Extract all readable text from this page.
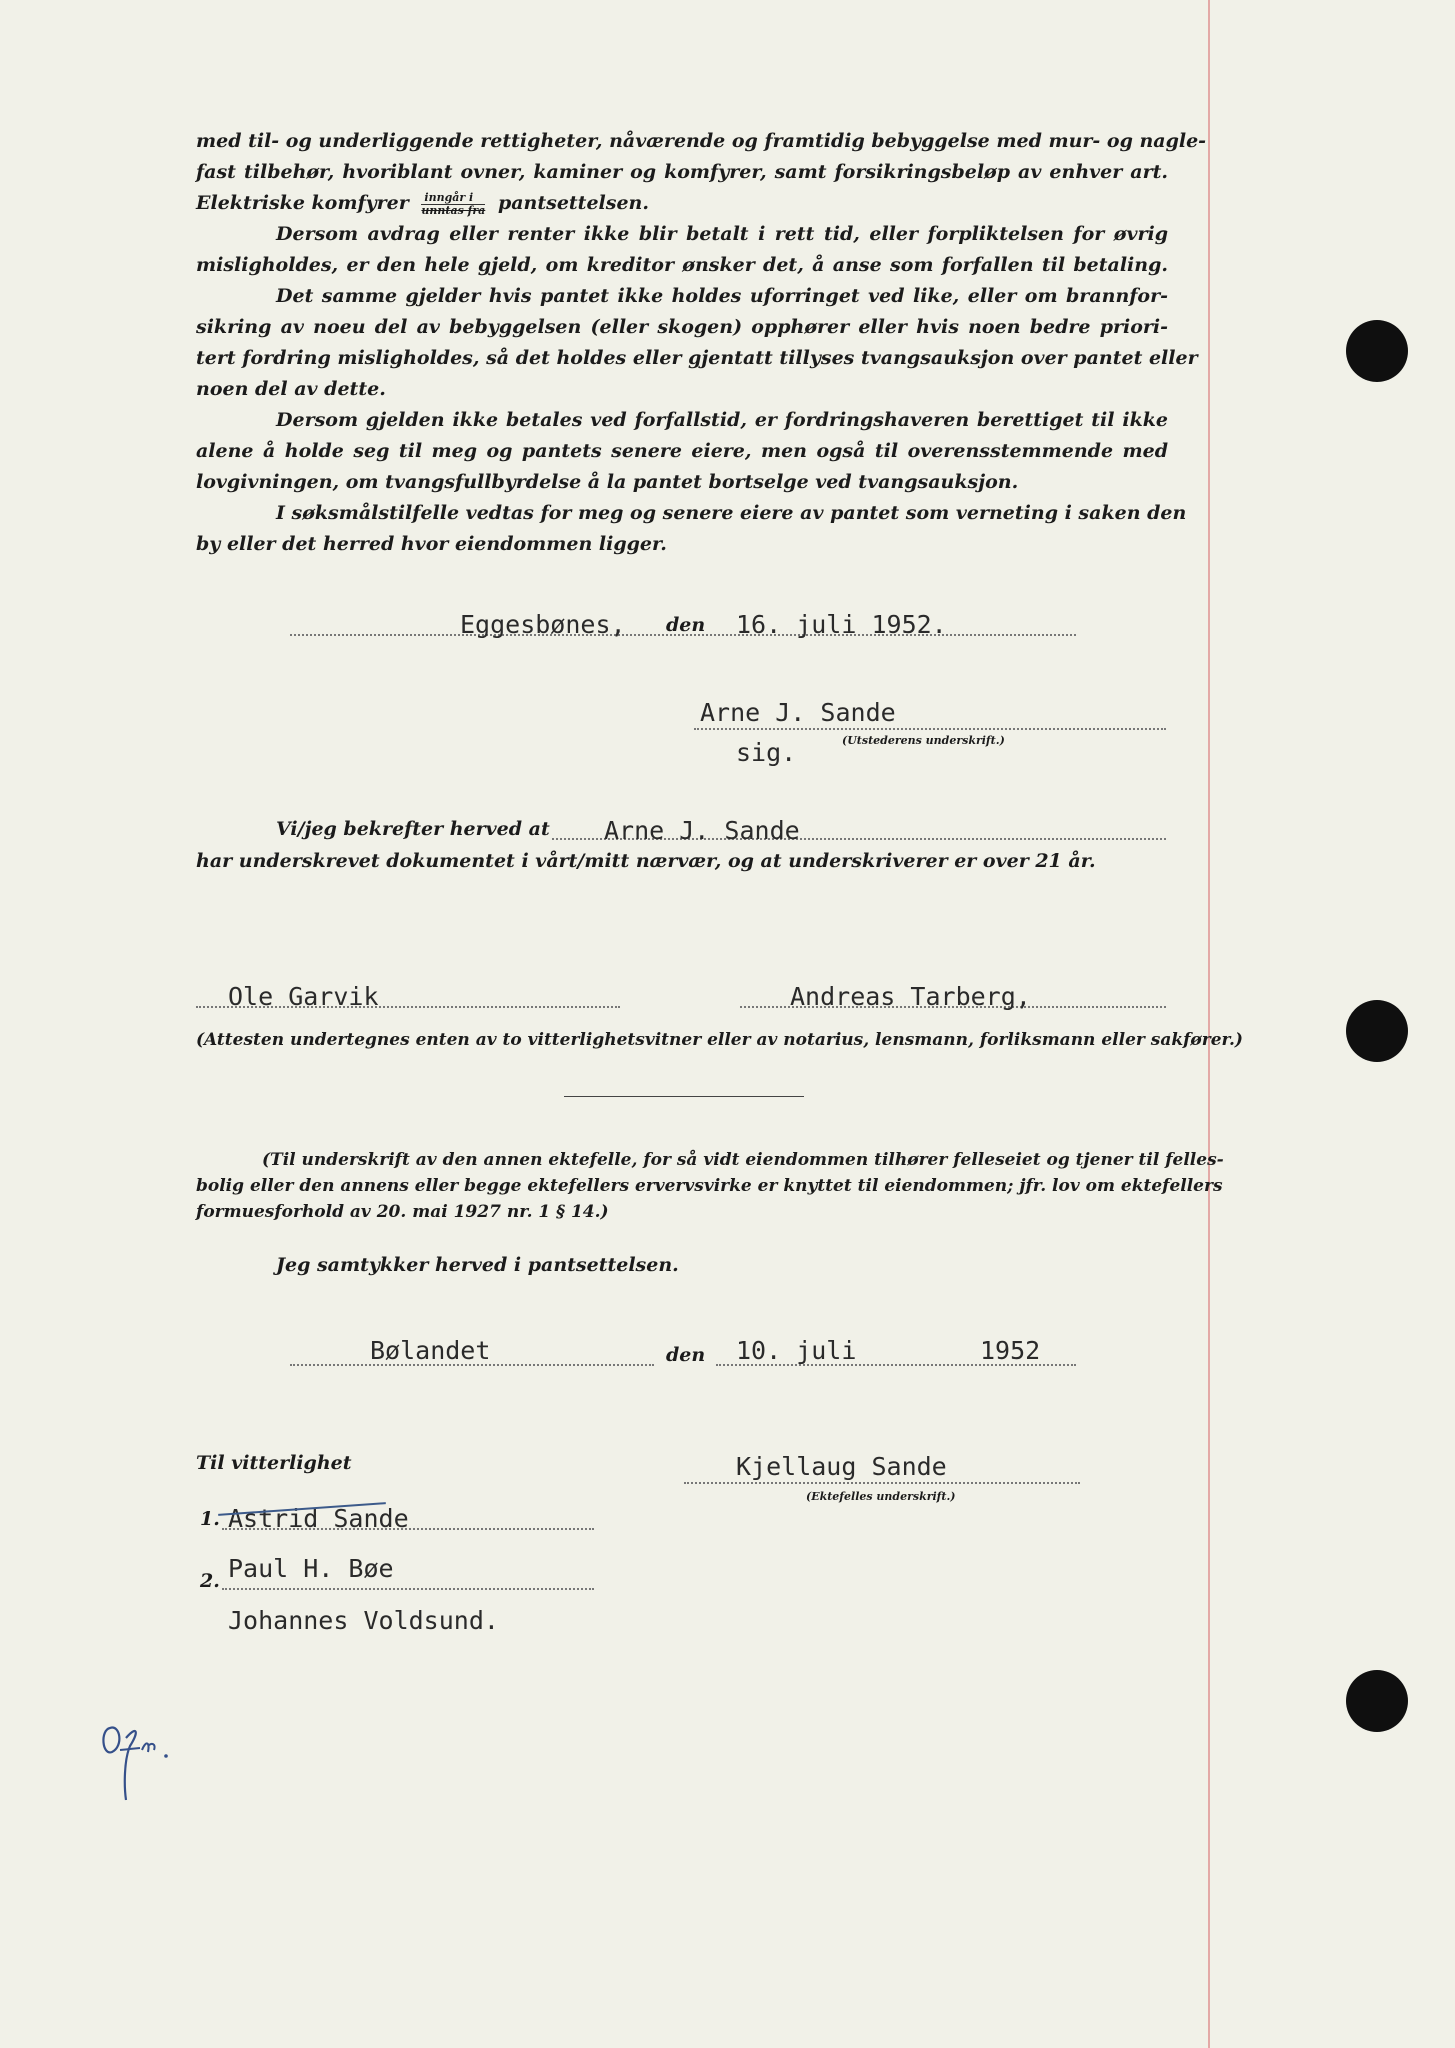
med til- og underliggende rettigheter, nåværende og framtidig bebyggelse med mur- og nagle-
fast tilbehør, hvoriblant ovner, kaminer og komfyrer, samt forsikringsbeløp av enhver art.
Elektriske komfyrer $\frac{\text{inngår i}}{\text{unntas fra}}$ pantsettelsen.
Dersom avdrag eller renter ikke blir betalt i rett tid, eller forpliktelsen for øvrig
misligholdes, er den hele gjeld, om kreditor ønsker det, å anse som forfallen til betaling.
Det samme gjelder hvis pantet ikke holdes uforringet ved like, eller om brannfor-
sikring av noeu del av bebyggelsen (eller skogen) opphører eller hvis noen bedre priori-
tert fordring misligholdes, så det holdes eller gjentatt tillyses tvangsauksjon over pantet eller
noen del av dette.
Dersom gjelden ikke betales ved forfallstid, er fordringshaveren berettiget til ikke
alene å holde seg til meg og pantets senere eiere, men også til overensstemmende med
lovgivningen, om tvangsfullbyrdelse å la pantet bortselge ved tvangsauksjon.
I søksmålstilfelle vedtas for meg og senere eiere av pantet som verneting i saken den
by eller det herred hvor eiendommen ligger.
Eggesbønes, den 16. juli 1952.
Arne J. Sande
(Utstederens underskrift.)
sig.
Vi/jeg bekrefter herved at Arne J. Sande
har underskrevet dokumentet i vårt/mitt nærvær, og at underskriverer er over 21 år.
Ole Garvik	Andreas Tarberg,
(Attesten undertegnes enten av to vitterlighetsvitner eller av notarius, lensmann, forliksmann eller sakfører.)
(Til underskrift av den annen ektefelle, for så vidt eiendommen tilhører felleseiet og tjener til felles-
bolig eller den annens eller begge ektefellers ervervsvirke er knyttet til eiendommen; jfr. lov om ektefellers
formuesforhold av 20. mai 1927 nr. 1 § 14.)
Jeg samtykker herved i pantsettelsen.
Bølandet	den 10. juli	1952
Til vitterlighet	Kjellaug Sande
(Ektefelles underskrift.)
1. Astrid Sande
2. Paul H. Bøe
Johannes Voldsund.
